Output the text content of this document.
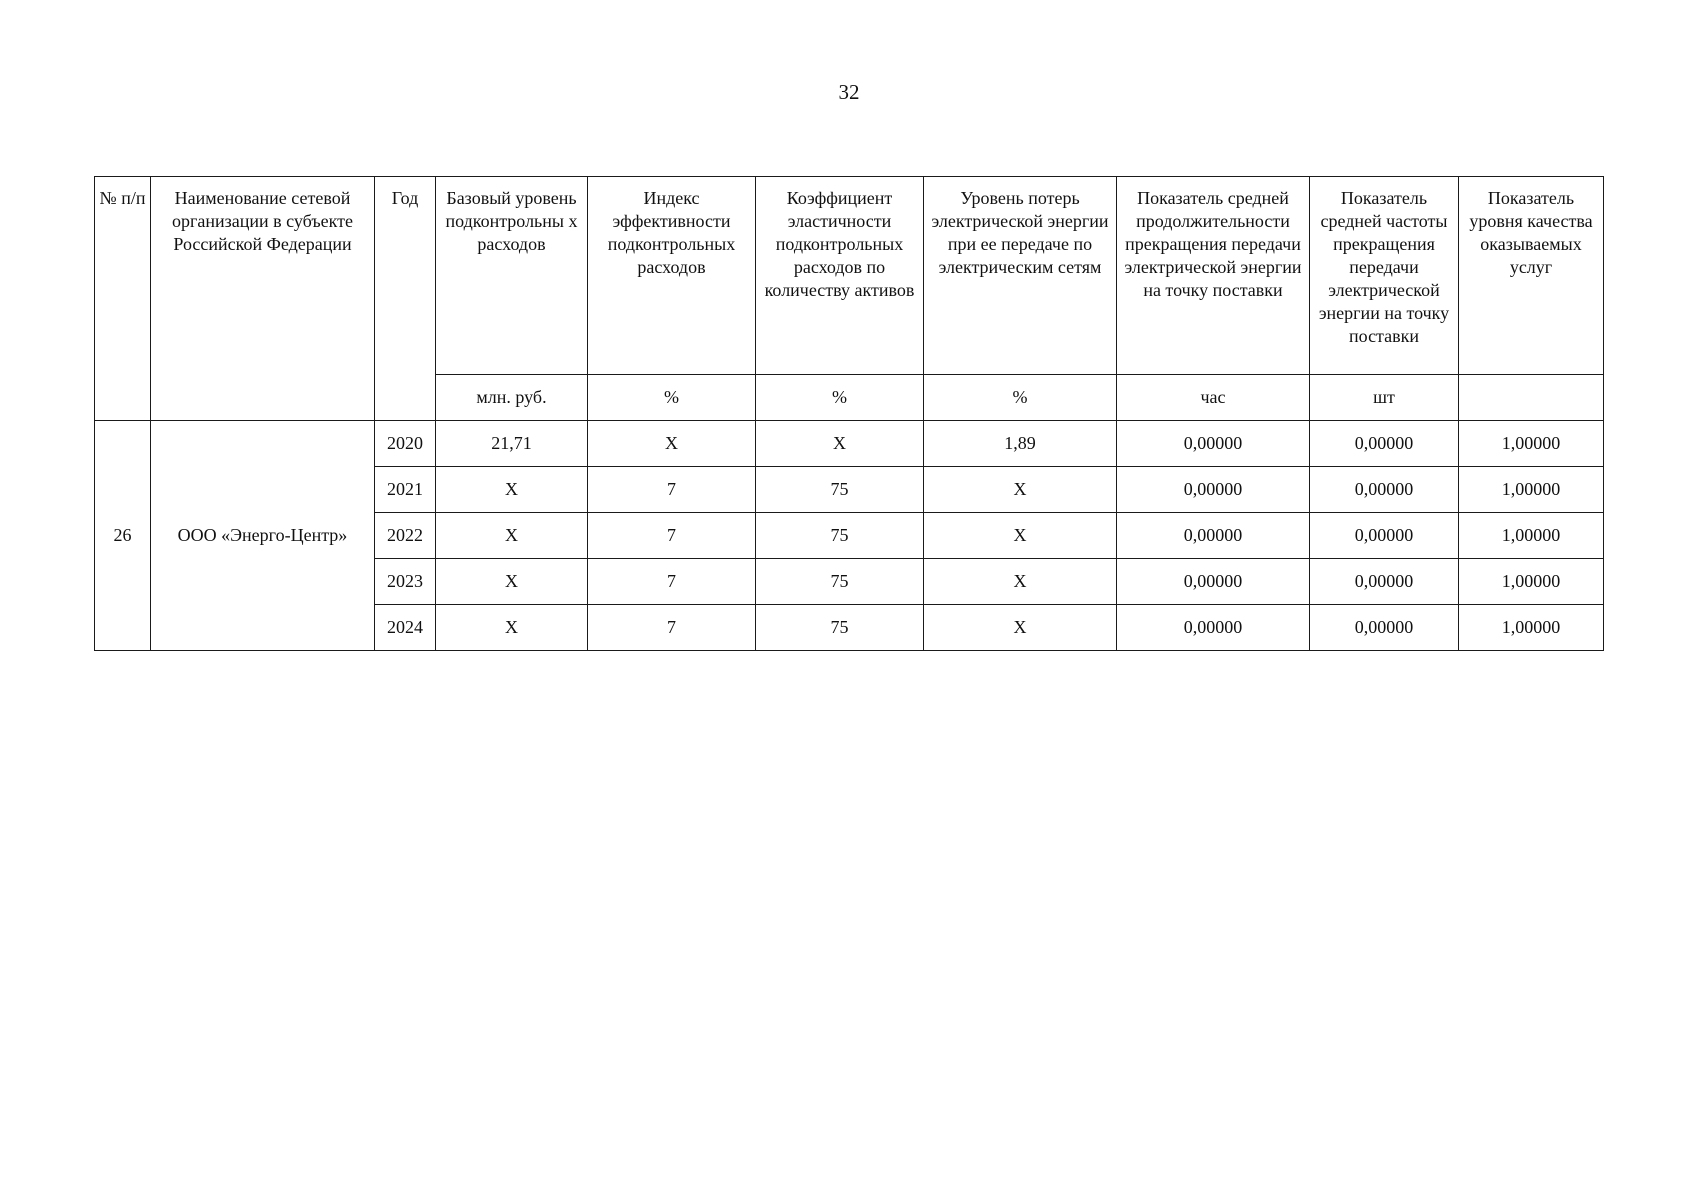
32
№ п/п	Наименование сетевой организации в субъекте Российской Федерации	Год	Базовый уровень подконтрольны х расходов	Индекс эффективности подконтрольных расходов	Коэффициент эластичности подконтрольных расходов по количеству активов	Уровень потерь электрической энергии при ее передаче по электрическим сетям	Показатель средней продолжительности прекращения передачи электрической энергии на точку поставки	Показатель средней частоты прекращения передачи электрической энергии на точку поставки	Показатель уровня качества оказываемых услуг
			млн. руб.	%	%	%	час	шт	
26	ООО «Энерго-Центр»	2020	21,71	Х	Х	1,89	0,00000	0,00000	1,00000
		2021	Х	7	75	Х	0,00000	0,00000	1,00000
		2022	Х	7	75	Х	0,00000	0,00000	1,00000
		2023	Х	7	75	Х	0,00000	0,00000	1,00000
		2024	Х	7	75	Х	0,00000	0,00000	1,00000
